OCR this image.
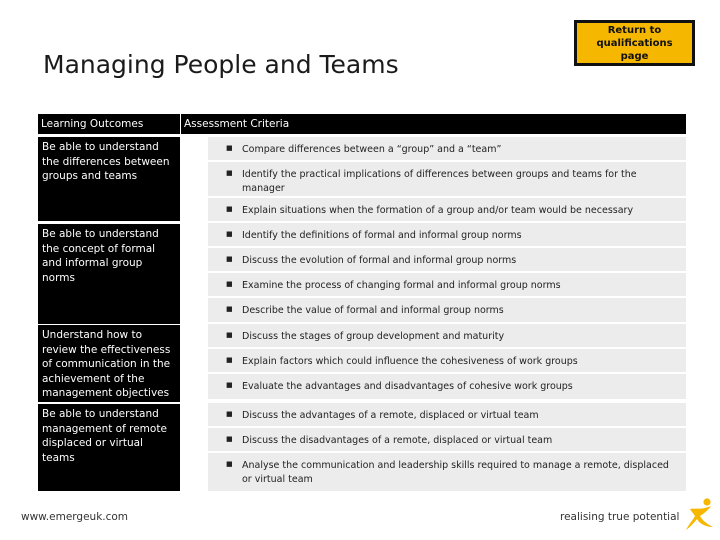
Managing People and Teams
Return to qualifications page
Learning Outcomes	Assessment Criteria
Be able to understand the differences between groups and teams
Be able to understand the concept of formal and informal group norms
Understand how to review the effectiveness of communication in the achievement of the management objectives
Be able to understand management of remote displaced or virtual teams
■ Compare differences between a “group” and a “team”
■ Identify the practical implications of differences between groups and teams for the manager
■ Explain situations when the formation of a group and/or team would be necessary
■ Identify the definitions of formal and informal group norms
■ Discuss the evolution of formal and informal group norms
■ Examine the process of changing formal and informal group norms
■ Describe the value of formal and informal group norms
■ Discuss the stages of group development and maturity
■ Explain factors which could influence the cohesiveness of work groups
■ Evaluate the advantages and disadvantages of cohesive work groups
■ Discuss the advantages of a remote, displaced or virtual team
■ Discuss the disadvantages of a remote, displaced or virtual team
■ Analyse the communication and leadership skills required to manage a remote, displaced or virtual team
www.emergeuk.com	realising true potential
